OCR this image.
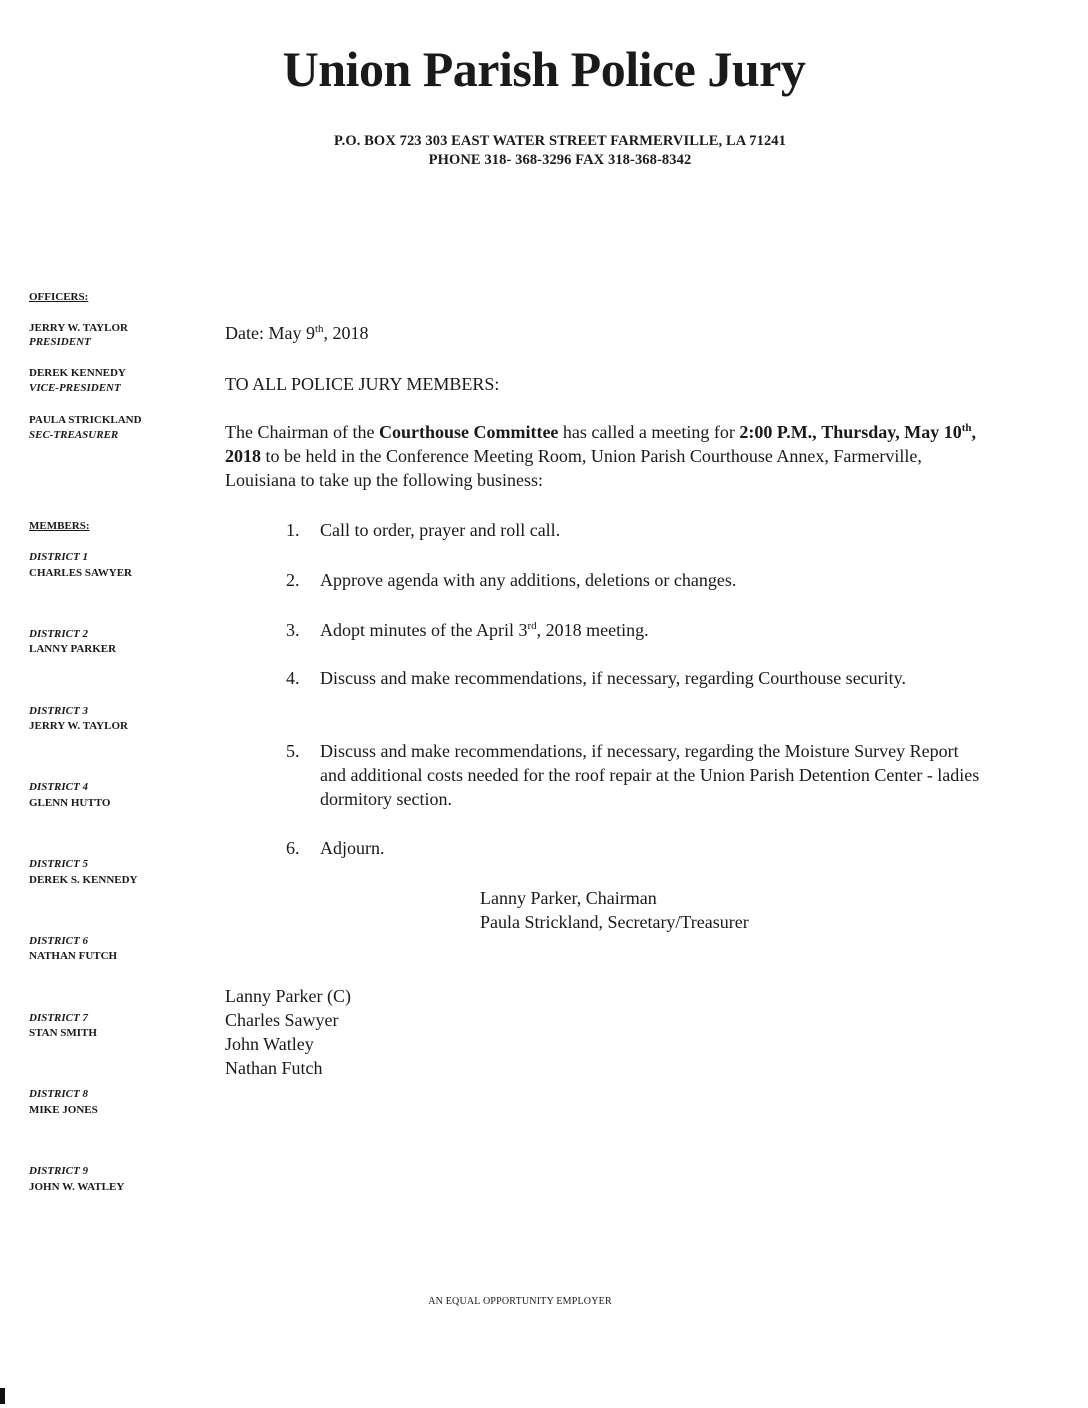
Union Parish Police Jury
P.O. BOX 723 303 EAST WATER STREET FARMERVILLE, LA 71241
PHONE 318- 368-3296 FAX 318-368-8342
OFFICERS:
JERRY W. TAYLOR
PRESIDENT
DEREK KENNEDY
VICE-PRESIDENT
PAULA STRICKLAND
SEC-TREASURER
MEMBERS:
DISTRICT 1
CHARLES SAWYER
DISTRICT 2
LANNY PARKER
DISTRICT 3
JERRY W. TAYLOR
DISTRICT 4
GLENN HUTTO
DISTRICT 5
DEREK S. KENNEDY
DISTRICT 6
NATHAN FUTCH
DISTRICT 7
STAN SMITH
DISTRICT 8
MIKE JONES
DISTRICT 9
JOHN W. WATLEY
Date: May 9th, 2018
TO ALL POLICE JURY MEMBERS:
The Chairman of the Courthouse Committee has called a meeting for 2:00 P.M., Thursday, May 10th, 2018 to be held in the Conference Meeting Room, Union Parish Courthouse Annex, Farmerville, Louisiana to take up the following business:
1.	Call to order, prayer and roll call.
2.	Approve agenda with any additions, deletions or changes.
3.	Adopt minutes of the April 3rd, 2018 meeting.
4.	Discuss and make recommendations, if necessary, regarding Courthouse security.
5.	Discuss and make recommendations, if necessary, regarding the Moisture Survey Report and additional costs needed for the roof repair at the Union Parish Detention Center - ladies dormitory section.
6.	Adjourn.
Lanny Parker, Chairman
Paula Strickland, Secretary/Treasurer
Lanny Parker (C)
Charles Sawyer
John Watley
Nathan Futch
AN EQUAL OPPORTUNITY EMPLOYER
